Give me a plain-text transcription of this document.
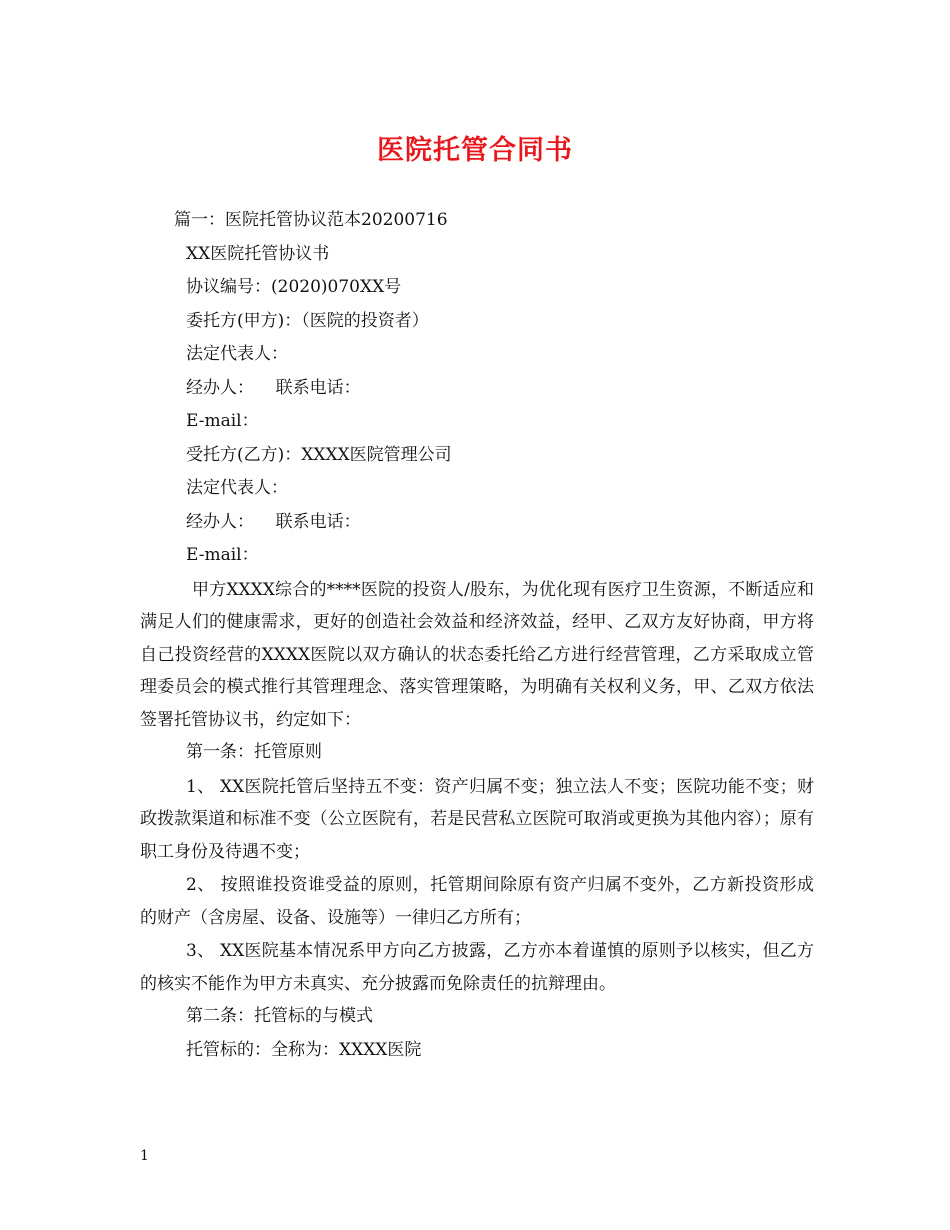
医院托管合同书
篇一：医院托管协议范本20200716
XX医院托管协议书
协议编号：(2020)070XX号
委托方(甲方)：（医院的投资者）
法定代表人：
经办人：    联系电话：
E-mail：
受托方(乙方)：XXXX医院管理公司
法定代表人：
经办人：    联系电话：
E-mail：

甲方XXXX综合的****医院的投资人/股东，为优化现有医疗卫生资源，不断适应和满足人们的健康需求，更好的创造社会效益和经济效益，经甲、乙双方友好协商，甲方将自己投资经营的XXXX医院以双方确认的状态委托给乙方进行经营管理，乙方采取成立管理委员会的模式推行其管理理念、落实管理策略，为明确有关权利义务，甲、乙双方依法签署托管协议书，约定如下：

第一条：托管原则

1、 XX医院托管后坚持五不变：资产归属不变；独立法人不变；医院功能不变；财政拨款渠道和标准不变（公立医院有，若是民营私立医院可取消或更换为其他内容）；原有职工身份及待遇不变；

2、 按照谁投资谁受益的原则，托管期间除原有资产归属不变外，乙方新投资形成的财产（含房屋、设备、设施等）一律归乙方所有；

3、 XX医院基本情况系甲方向乙方披露，乙方亦本着谨慎的原则予以核实，但乙方的核实不能作为甲方未真实、充分披露而免除责任的抗辩理由。

第二条：托管标的与模式
托管标的：全称为：XXXX医院
1
